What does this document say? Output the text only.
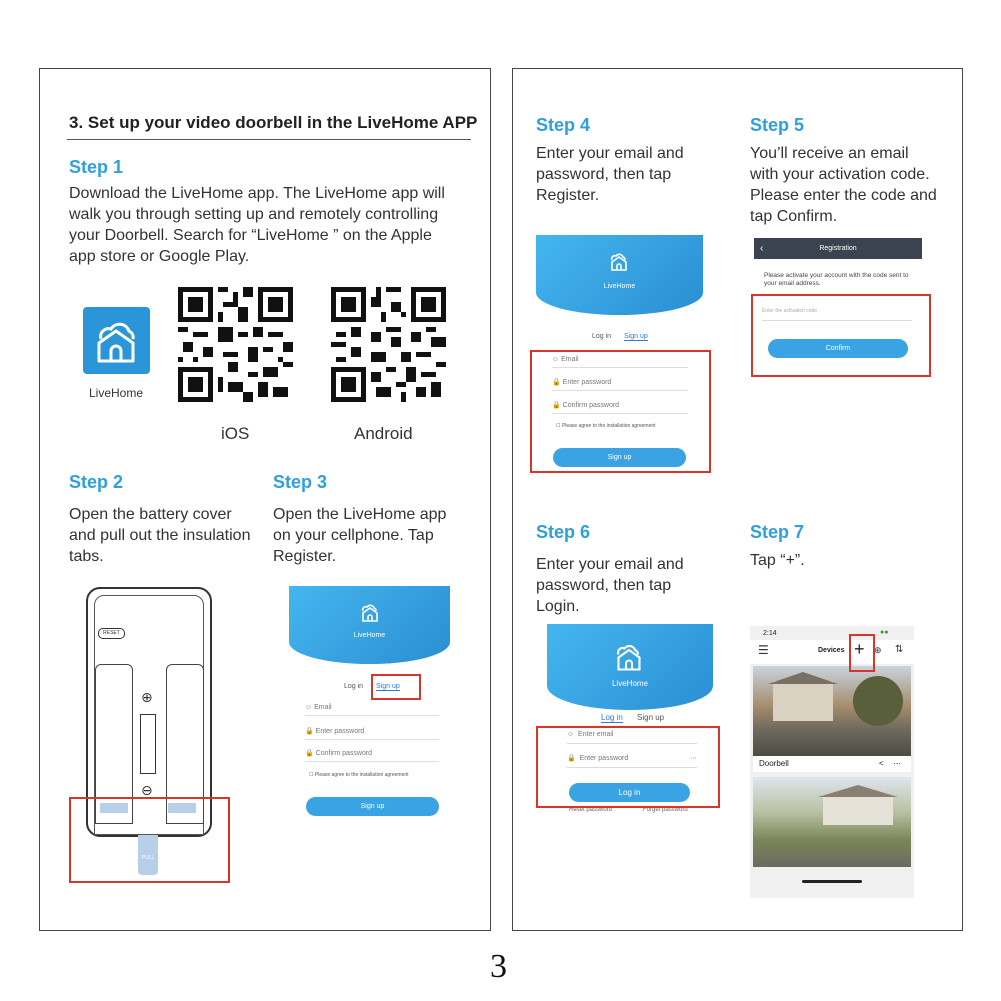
3. Set up your video doorbell in the LiveHome APP
Step 1
Download the LiveHome app. The LiveHome app will
walk you through setting up and remotely controlling
your Doorbell. Search for “LiveHome ” on the Apple
app store or Google Play.
LiveHome
iOS	Android
Step 2
Open the battery cover
and pull out the insulation
tabs.
Step 3
Open the LiveHome app
on your cellphone. Tap
Register.
RESET
⊕
⊖
PULL
LiveHome
Log in Sign up
☺ Email
🔒 Enter password
🔒 Confirm password
☐ Please agree to the installation agreement
Sign up
Step 4
Enter your email and
password, then tap
Register.
LiveHome
Log in Sign up
☺ Email
🔒 Enter password
🔒 Confirm password
☐ Please agree to the installation agreement
Sign up
Step 5
You’ll receive an email
with your activation code.
Please enter the code and
tap Confirm.
‹	Registration
Please activate your account with the code sent to your email address.
Enter the activation code
Confirm
Step 6
Enter your email and
password, then tap
Login.
LiveHome
Log in Sign up
☺  Enter email
🔒  Enter password	⋯
Log in
Reset password	Forget password
Step 7
Tap “+”.
2:14	●●
☰	Devices + ⊕ ⇅
Doorbell	< ⋯
3
